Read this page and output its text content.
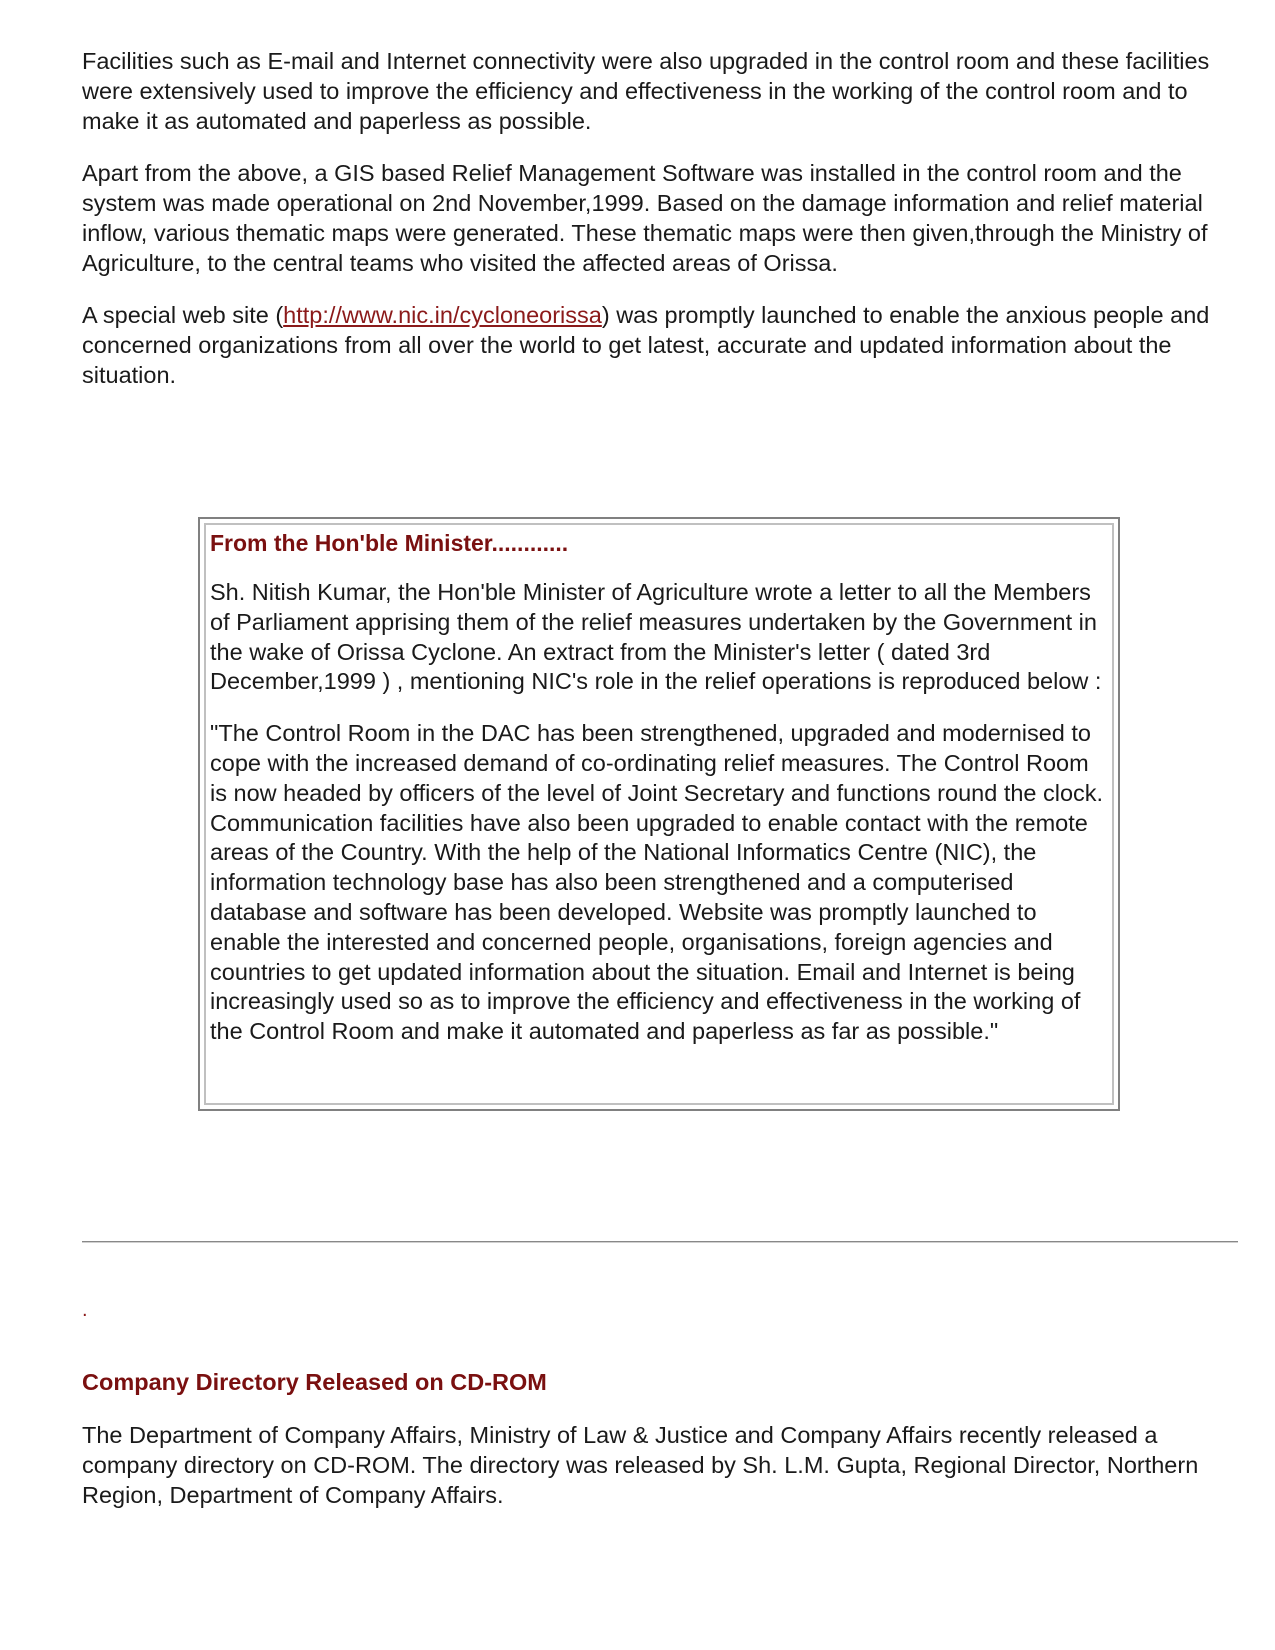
Facilities such as E-mail and Internet connectivity were also upgraded in the control room and these facilities were extensively used to improve the efficiency and effectiveness in the working of the control room and to make it as automated and paperless as possible.

Apart from the above, a GIS based Relief Management Software was installed in the control room and the system was made operational on 2nd November,1999. Based on the damage information and relief material inflow, various thematic maps were generated. These thematic maps were then given,through the Ministry of Agriculture, to the central teams who visited the affected areas of Orissa.

A special web site (http://www.nic.in/cycloneorissa) was promptly launched to enable the anxious people and concerned organizations from all over the world to get latest, accurate and updated information about the situation.

From the Hon'ble Minister............

Sh. Nitish Kumar, the Hon'ble Minister of Agriculture wrote a letter to all the Members of Parliament apprising them of the relief measures undertaken by the Government in the wake of Orissa Cyclone. An extract from the Minister's letter ( dated 3rd December,1999 ) , mentioning NIC's role in the relief operations is reproduced below :

"The Control Room in the DAC has been strengthened, upgraded and modernised to cope with the increased demand of co-ordinating relief measures. The Control Room is now headed by officers of the level of Joint Secretary and functions round the clock. Communication facilities have also been upgraded to enable contact with the remote areas of the Country. With the help of the National Informatics Centre (NIC), the information technology base has also been strengthened and a computerised database and software has been developed. Website was promptly launched to enable the interested and concerned people, organisations, foreign agencies and countries to get updated information about the situation. Email and Internet is being increasingly used so as to improve the efficiency and effectiveness in the working of the Control Room and make it automated and paperless as far as possible."

.
Company Directory Released on CD-ROM

The Department of Company Affairs, Ministry of Law & Justice and Company Affairs recently released a company directory on CD-ROM. The directory was released by Sh. L.M. Gupta, Regional Director, Northern Region, Department of Company Affairs.
